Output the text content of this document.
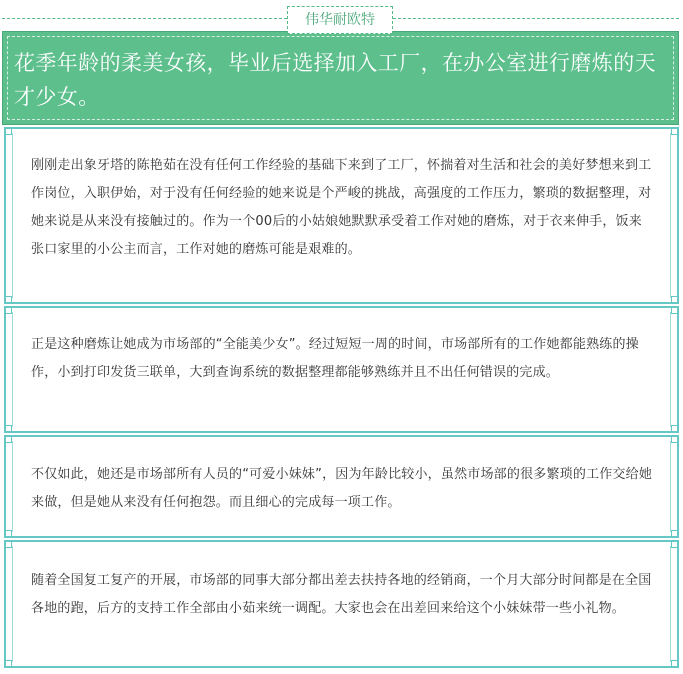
伟华耐欧特

花季年龄的柔美女孩，毕业后选择加入工厂，在办公室进行磨炼的天才少女。

刚刚走出象牙塔的陈艳茹在没有任何工作经验的基础下来到了工厂，怀揣着对生活和社会的美好梦想来到工作岗位，入职伊始，对于没有任何经验的她来说是个严峻的挑战，高强度的工作压力，繁琐的数据整理，对她来说是从来没有接触过的。作为一个00后的小姑娘她默默承受着工作对她的磨炼，对于衣来伸手，饭来张口家里的小公主而言，工作对她的磨炼可能是艰难的。

正是这种磨炼让她成为市场部的“全能美少女”。经过短短一周的时间，市场部所有的工作她都能熟练的操作，小到打印发货三联单，大到查询系统的数据整理都能够熟练并且不出任何错误的完成。

不仅如此，她还是市场部所有人员的“可爱小妹妹”，因为年龄比较小，虽然市场部的很多繁琐的工作交给她来做，但是她从来没有任何抱怨。而且细心的完成每一项工作。

随着全国复工复产的开展，市场部的同事大部分都出差去扶持各地的经销商，一个月大部分时间都是在全国各地的跑，后方的支持工作全部由小茹来统一调配。大家也会在出差回来给这个小妹妹带一些小礼物。
